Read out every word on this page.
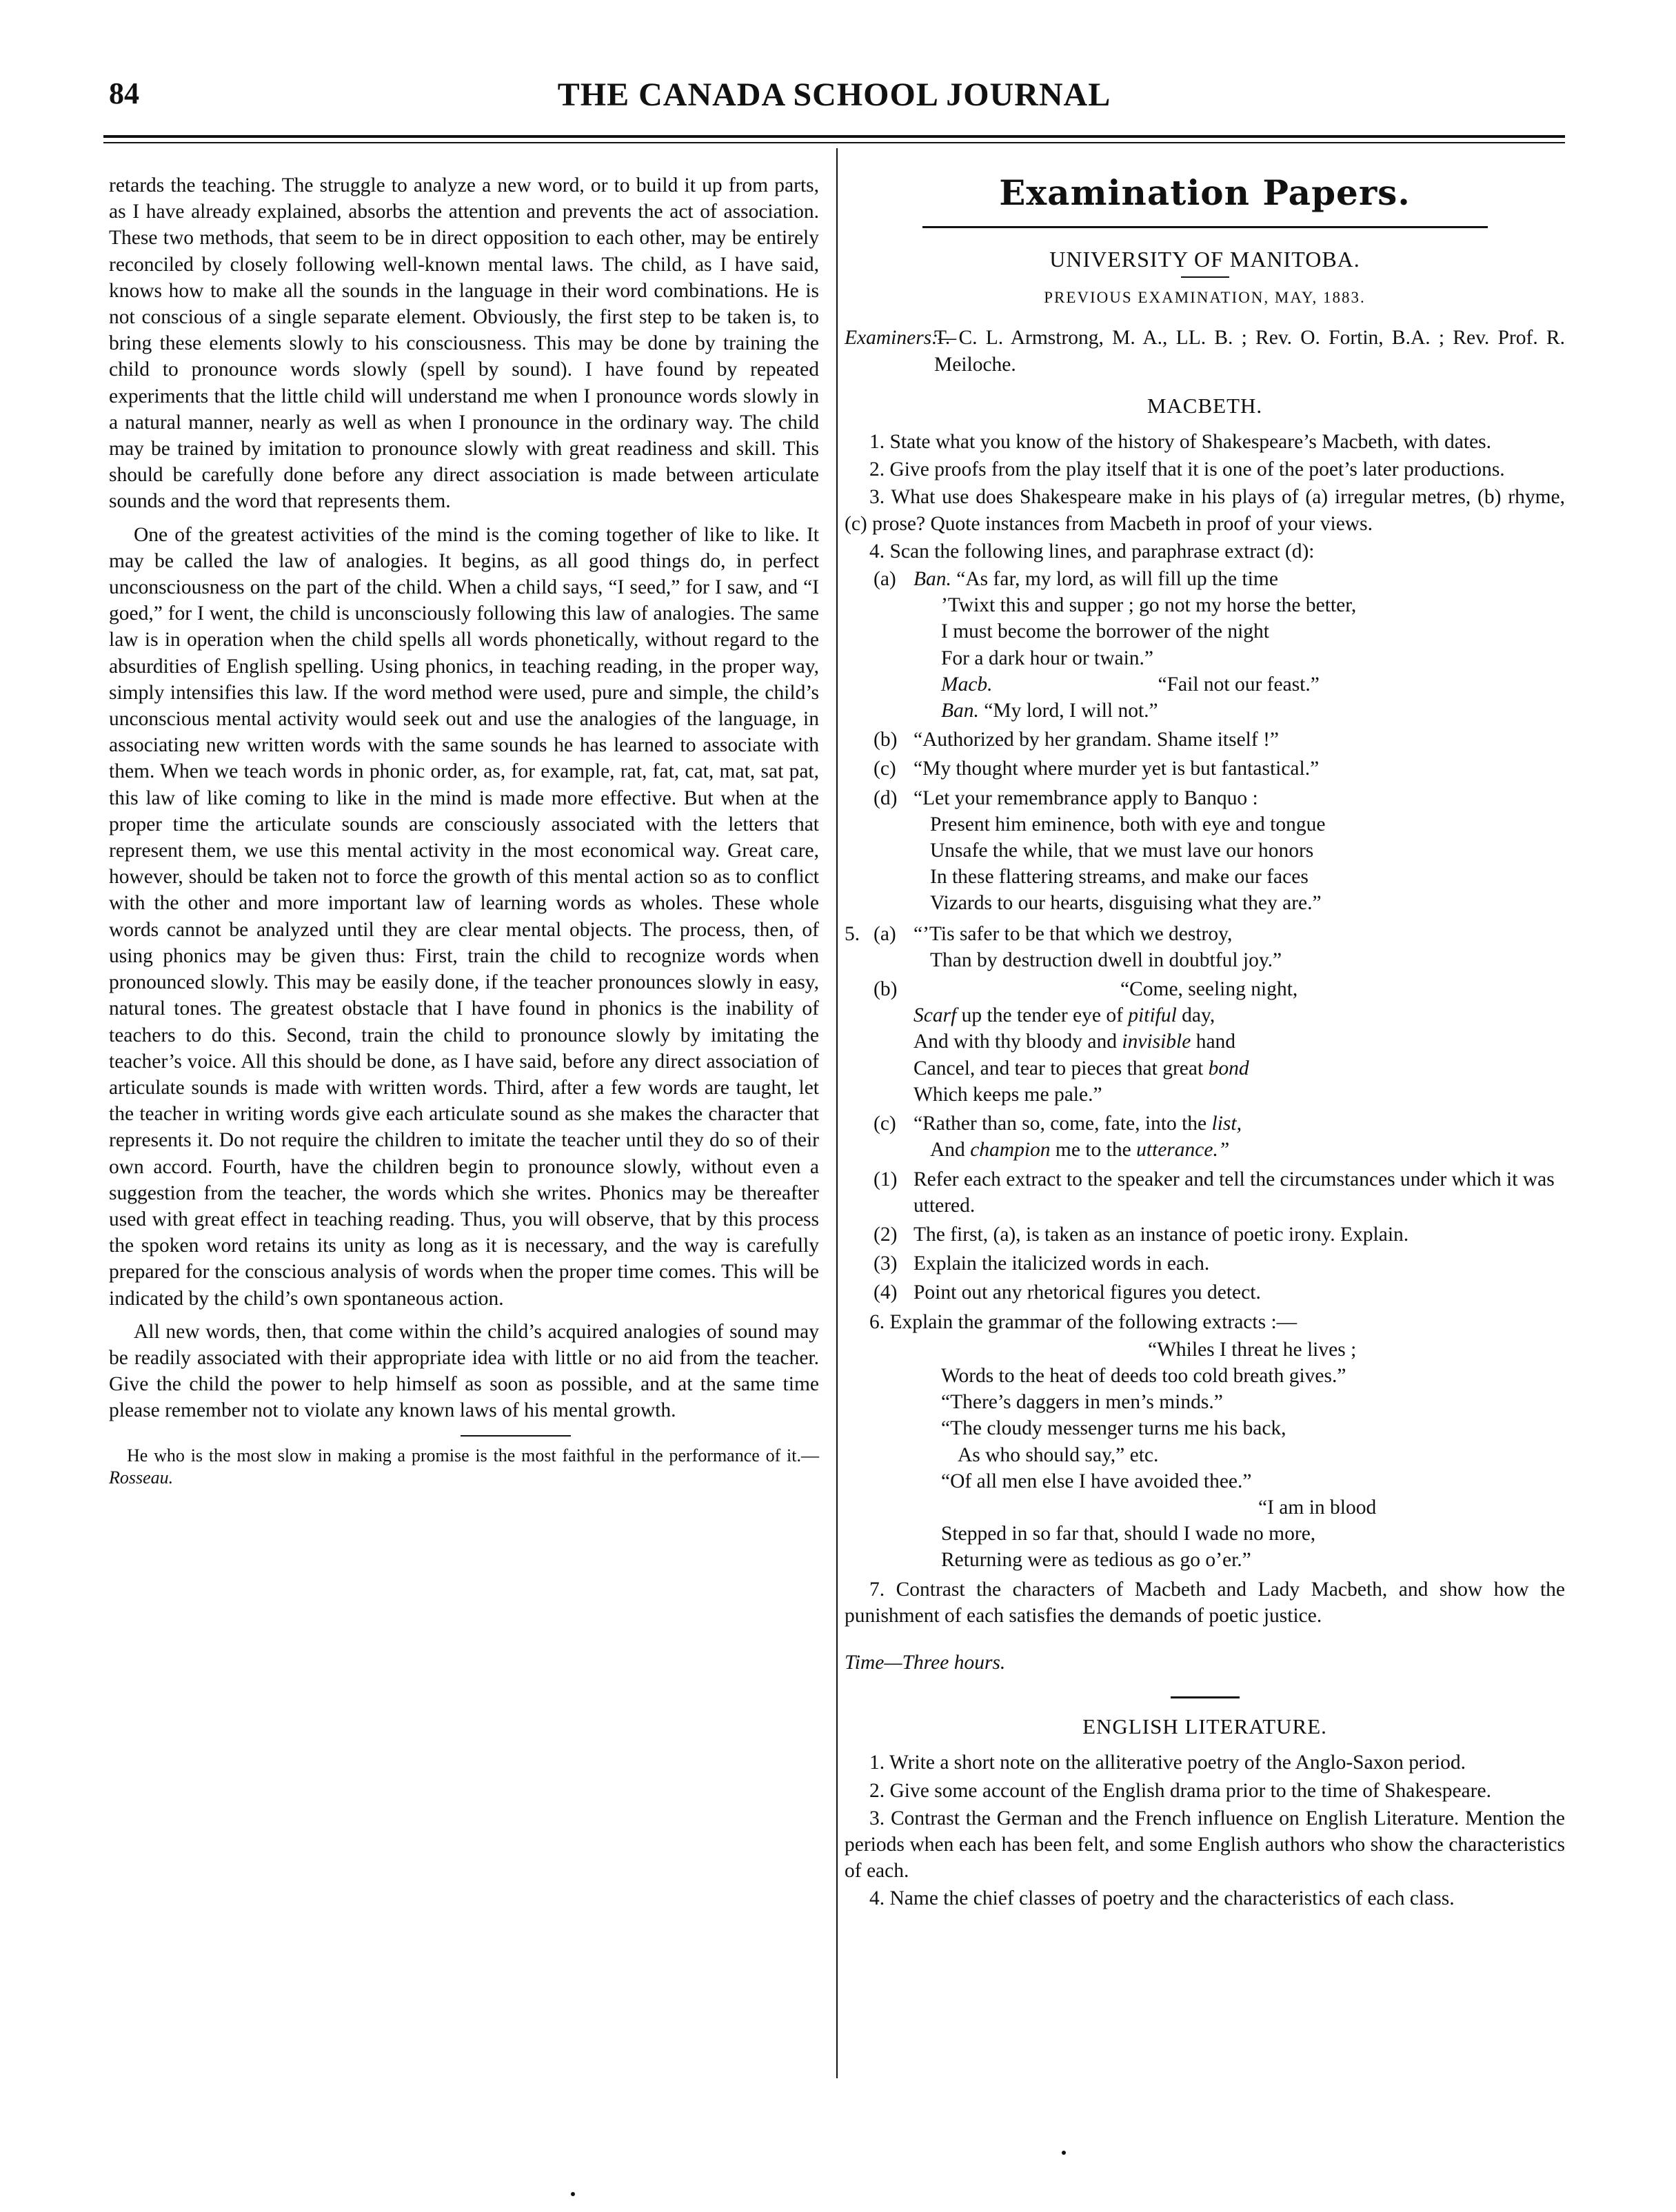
84	THE CANADA SCHOOL JOURNAL

retards the teaching. The struggle to analyze a new word, or to build it up from parts, as I have already explained, absorbs the attention and prevents the act of association. These two methods, that seem to be in direct opposition to each other, may be entirely reconciled by closely following well-known mental laws. The child, as I have said, knows how to make all the sounds in the language in their word combinations. He is not conscious of a single separate element. Obviously, the first step to be taken is, to bring these elements slowly to his consciousness. This may be done by training the child to pronounce words slowly (spell by sound). I have found by repeated experiments that the little child will understand me when I pronounce words slowly in a natural manner, nearly as well as when I pronounce in the ordinary way. The child may be trained by imitation to pronounce slowly with great readiness and skill. This should be carefully done before any direct association is made between articulate sounds and the word that represents them.

One of the greatest activities of the mind is the coming together of like to like. It may be called the law of analogies. It begins, as all good things do, in perfect unconsciousness on the part of the child. When a child says, “I seed,” for I saw, and “I goed,” for I went, the child is unconsciously following this law of analogies. The same law is in operation when the child spells all words phonetically, without regard to the absurdities of English spelling. Using phonics, in teaching reading, in the proper way, simply intensifies this law. If the word method were used, pure and simple, the child’s unconscious mental activity would seek out and use the analogies of the language, in associating new written words with the same sounds he has learned to associate with them. When we teach words in phonic order, as, for example, rat, fat, cat, mat, sat pat, this law of like coming to like in the mind is made more effective. But when at the proper time the articulate sounds are consciously associated with the letters that represent them, we use this mental activity in the most economical way. Great care, however, should be taken not to force the growth of this mental action so as to conflict with the other and more important law of learning words as wholes. These whole words cannot be analyzed until they are clear mental objects. The process, then, of using phonics may be given thus: First, train the child to recognize words when pronounced slowly. This may be easily done, if the teacher pronounces slowly in easy, natural tones. The greatest obstacle that I have found in phonics is the inability of teachers to do this. Second, train the child to pronounce slowly by imitating the teacher’s voice. All this should be done, as I have said, before any direct association of articulate sounds is made with written words. Third, after a few words are taught, let the teacher in writing words give each articulate sound as she makes the character that represents it. Do not require the children to imitate the teacher until they do so of their own accord. Fourth, have the children begin to pronounce slowly, without even a suggestion from the teacher, the words which she writes. Phonics may be thereafter used with great effect in teaching reading. Thus, you will observe, that by this process the spoken word retains its unity as long as it is necessary, and the way is carefully prepared for the conscious analysis of words when the proper time comes. This will be indicated by the child’s own spontaneous action.

All new words, then, that come within the child’s acquired analogies of sound may be readily associated with their appropriate idea with little or no aid from the teacher. Give the child the power to help himself as soon as possible, and at the same time please remember not to violate any known laws of his mental growth.

He who is the most slow in making a promise is the most faithful in the performance of it.—Rosseau.

Examination Papers.
UNIVERSITY OF MANITOBA.
PREVIOUS EXAMINATION, MAY, 1883.
Examiners:—
T. C. L. Armstrong, M. A., LL. B. ; Rev. O. Fortin, B.A. ; Rev. Prof. R. Meiloche.
MACBETH.

1. State what you know of the history of Shakespeare’s Macbeth, with dates.

2. Give proofs from the play itself that it is one of the poet’s later productions.

3. What use does Shakespeare make in his plays of (a) irregular metres, (b) rhyme, (c) prose? Quote instances from Macbeth in proof of your views.

4. Scan the following lines, and paraphrase extract (d):

(a) Ban. “As far, my lord, as will fill up the time
’Twixt this and supper ; go not my horse the better,
I must become the borrower of the night
For a dark hour or twain.”
Macb.	“Fail not our feast.”
Ban. “My lord, I will not.”
(b) “Authorized by her grandam. Shame itself !”
(c) “My thought where murder yet is but fantastical.”
(d) “Let your remembrance apply to Banquo :
Present him eminence, both with eye and tongue
Unsafe the while, that we must lave our honors
In these flattering streams, and make our faces
Vizards to our hearts, disguising what they are.”
5. (a) “’Tis safer to be that which we destroy,
Than by destruction dwell in doubtful joy.”
(b)	“Come, seeling night,
Scarf up the tender eye of pitiful day,
And with thy bloody and invisible hand
Cancel, and tear to pieces that great bond
Which keeps me pale.”
(c) “Rather than so, come, fate, into the list,
And champion me to the utterance.”
(1) Refer each extract to the speaker and tell the circumstances under which it was uttered.
(2) The first, (a), is taken as an instance of poetic irony. Explain.
(3) Explain the italicized words in each.
(4) Point out any rhetorical figures you detect.

6. Explain the grammar of the following extracts :—

“Whiles I threat he lives ;
Words to the heat of deeds too cold breath gives.”
“There’s daggers in men’s minds.”
“The cloudy messenger turns me his back,
As who should say,” etc.
“Of all men else I have avoided thee.”
“I am in blood
Stepped in so far that, should I wade no more,
Returning were as tedious as go o’er.”

7. Contrast the characters of Macbeth and Lady Macbeth, and show how the punishment of each satisfies the demands of poetic justice.

Time—Three hours.

ENGLISH LITERATURE.

1. Write a short note on the alliterative poetry of the Anglo-Saxon period.

2. Give some account of the English drama prior to the time of Shakespeare.

3. Contrast the German and the French influence on English Literature. Mention the periods when each has been felt, and some English authors who show the characteristics of each.

4. Name the chief classes of poetry and the characteristics of each class.
